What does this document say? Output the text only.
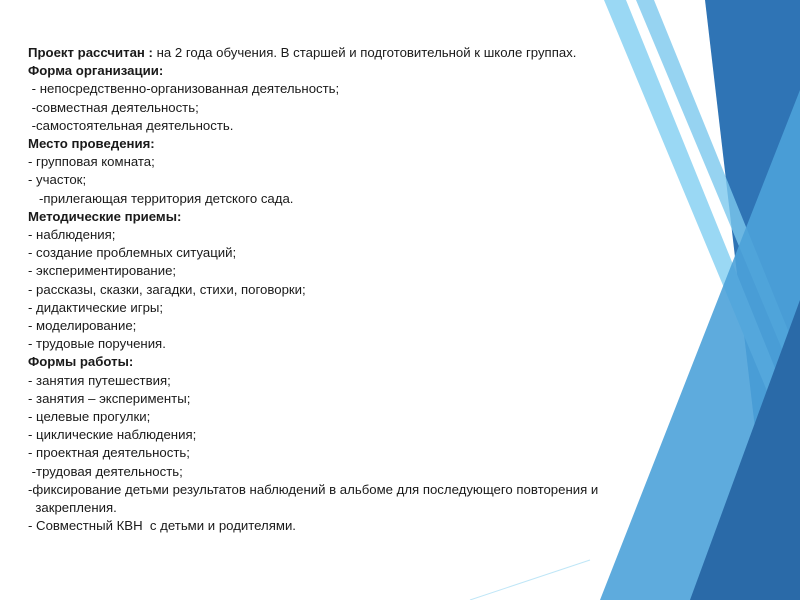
Проект рассчитан : на 2 года обучения. В старшей и подготовительной к школе группах.
Форма организации:
- непосредственно-организованная деятельность;
-совместная деятельность;
-самостоятельная деятельность.
Место проведения:
- групповая комната;
- участок;
-прилегающая территория детского сада.
Методические приемы:
- наблюдения;
- создание проблемных ситуаций;
- экспериментирование;
- рассказы, сказки, загадки, стихи, поговорки;
- дидактические игры;
- моделирование;
- трудовые поручения.
Формы работы:
- занятия путешествия;
- занятия – эксперименты;
- целевые прогулки;
- циклические наблюдения;
- проектная деятельность;
-трудовая деятельность;
-фиксирование детьми результатов наблюдений в альбоме для последующего повторения и
закрепления.
- Совместный КВН  с детьми и родителями.
